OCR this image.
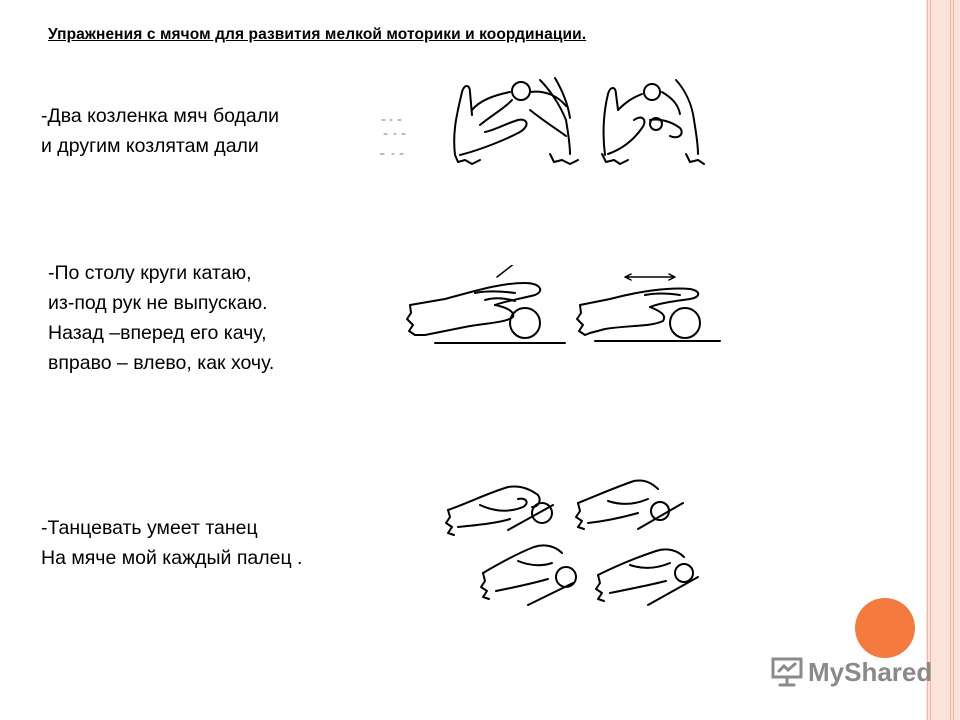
Упражнения с мячом для развития мелкой моторики и координации.
-Два козленка мяч бодали
и другим козлятам дали
-По столу круги катаю,
из-под рук не выпускаю.
Назад –вперед его качу,
вправо – влево, как хочу.
-Танцевать умеет танец
На мяче мой каждый палец .
MyShared
